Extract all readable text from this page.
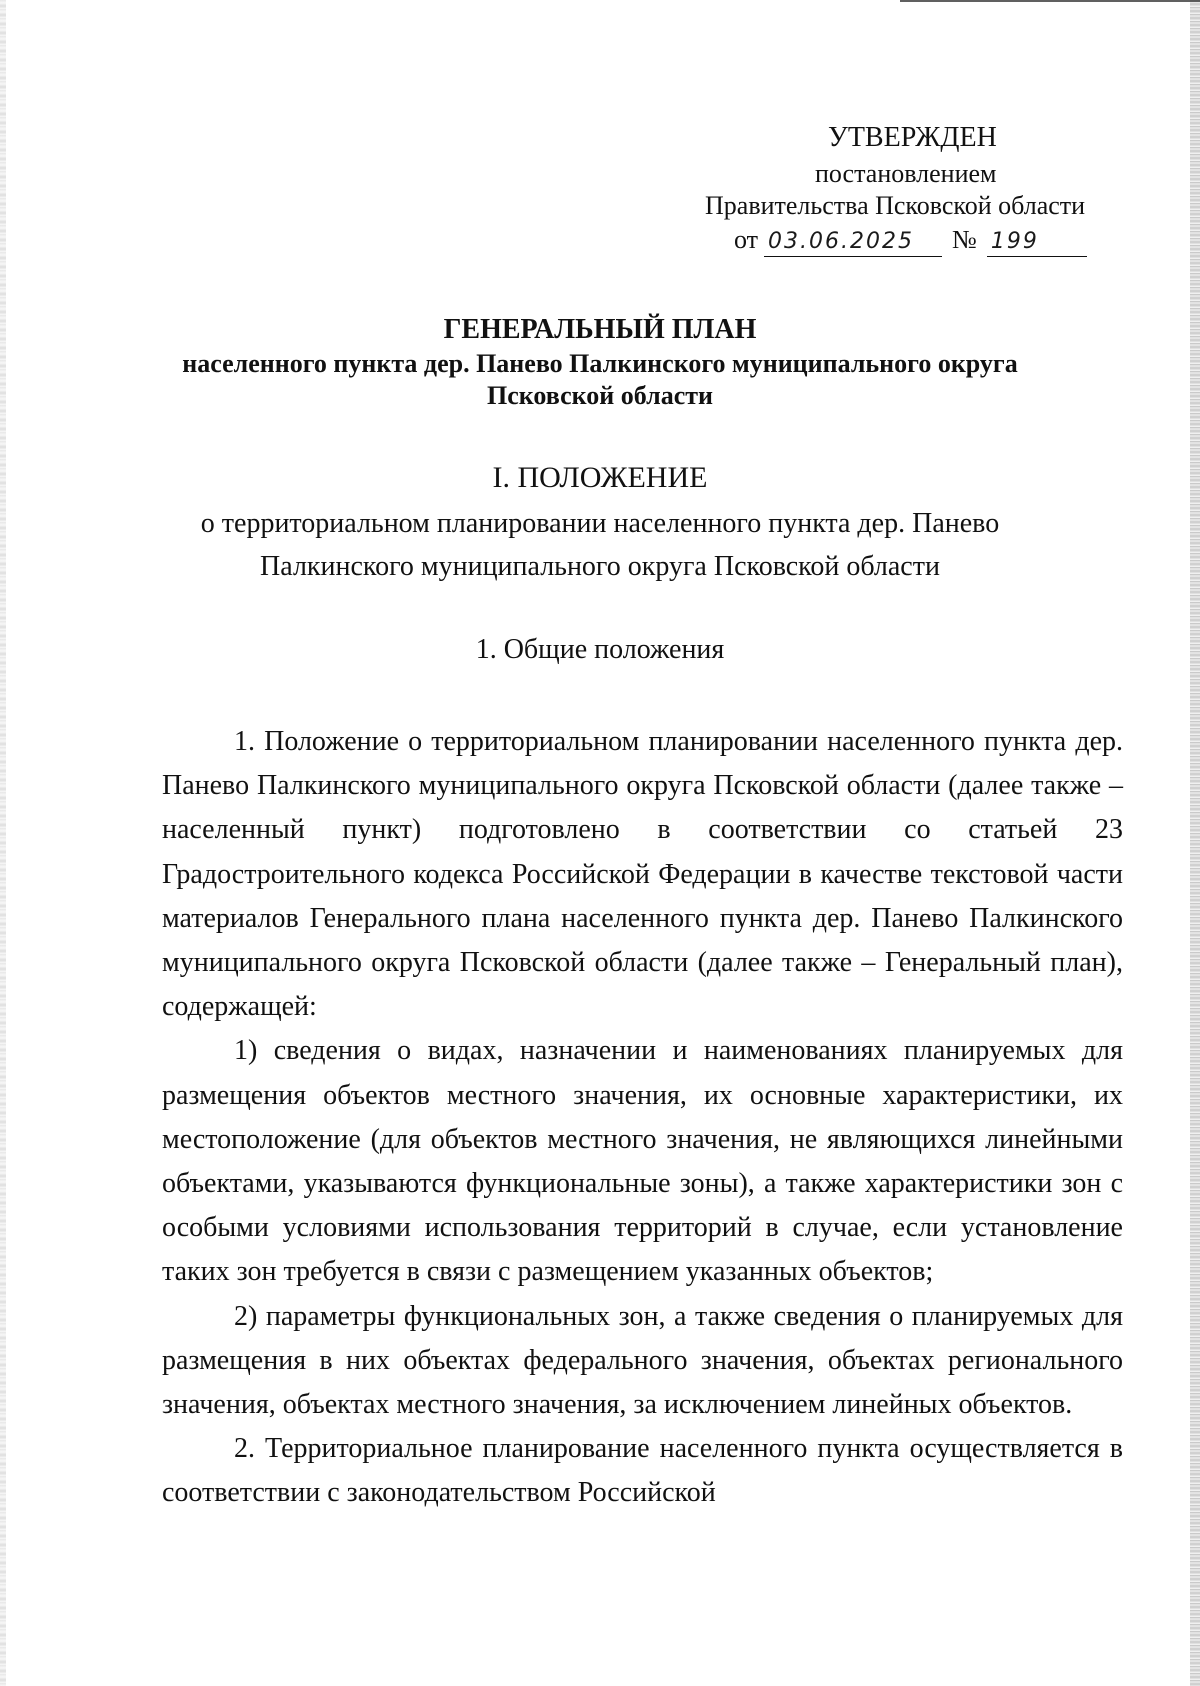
УТВЕРЖДЕН
постановлением
Правительства Псковской области
от 03.06.2025	№ 199
ГЕНЕРАЛЬНЫЙ ПЛАН
населенного пункта дер. Панево Палкинского муниципального округа
Псковской области
I. ПОЛОЖЕНИЕ
о территориальном планировании населенного пункта дер. Панево
Палкинского муниципального округа Псковской области
1. Общие положения

1. Положение о территориальном планировании населенного пункта дер. Панево Палкинского муниципального округа Псковской области (далее также – населенный пункт) подготовлено в соответствии со статьей 23 Градостроительного кодекса Российской Федерации в качестве текстовой части материалов Генерального плана населенного пункта дер. Панево Палкинского муниципального округа Псковской области (далее также – Генеральный план), содержащей:

1) сведения о видах, назначении и наименованиях планируемых для размещения объектов местного значения, их основные характеристики, их местоположение (для объектов местного значения, не являющихся линейными объектами, указываются функциональные зоны), а также характеристики зон с особыми условиями использования территорий в случае, если установление таких зон требуется в связи с размещением указанных объектов;

2) параметры функциональных зон, а также сведения о планируемых для размещения в них объектах федерального значения, объектах регионального значения, объектах местного значения, за исключением линейных объектов.

2. Территориальное планирование населенного пункта осуществляется в соответствии с законодательством Российской
